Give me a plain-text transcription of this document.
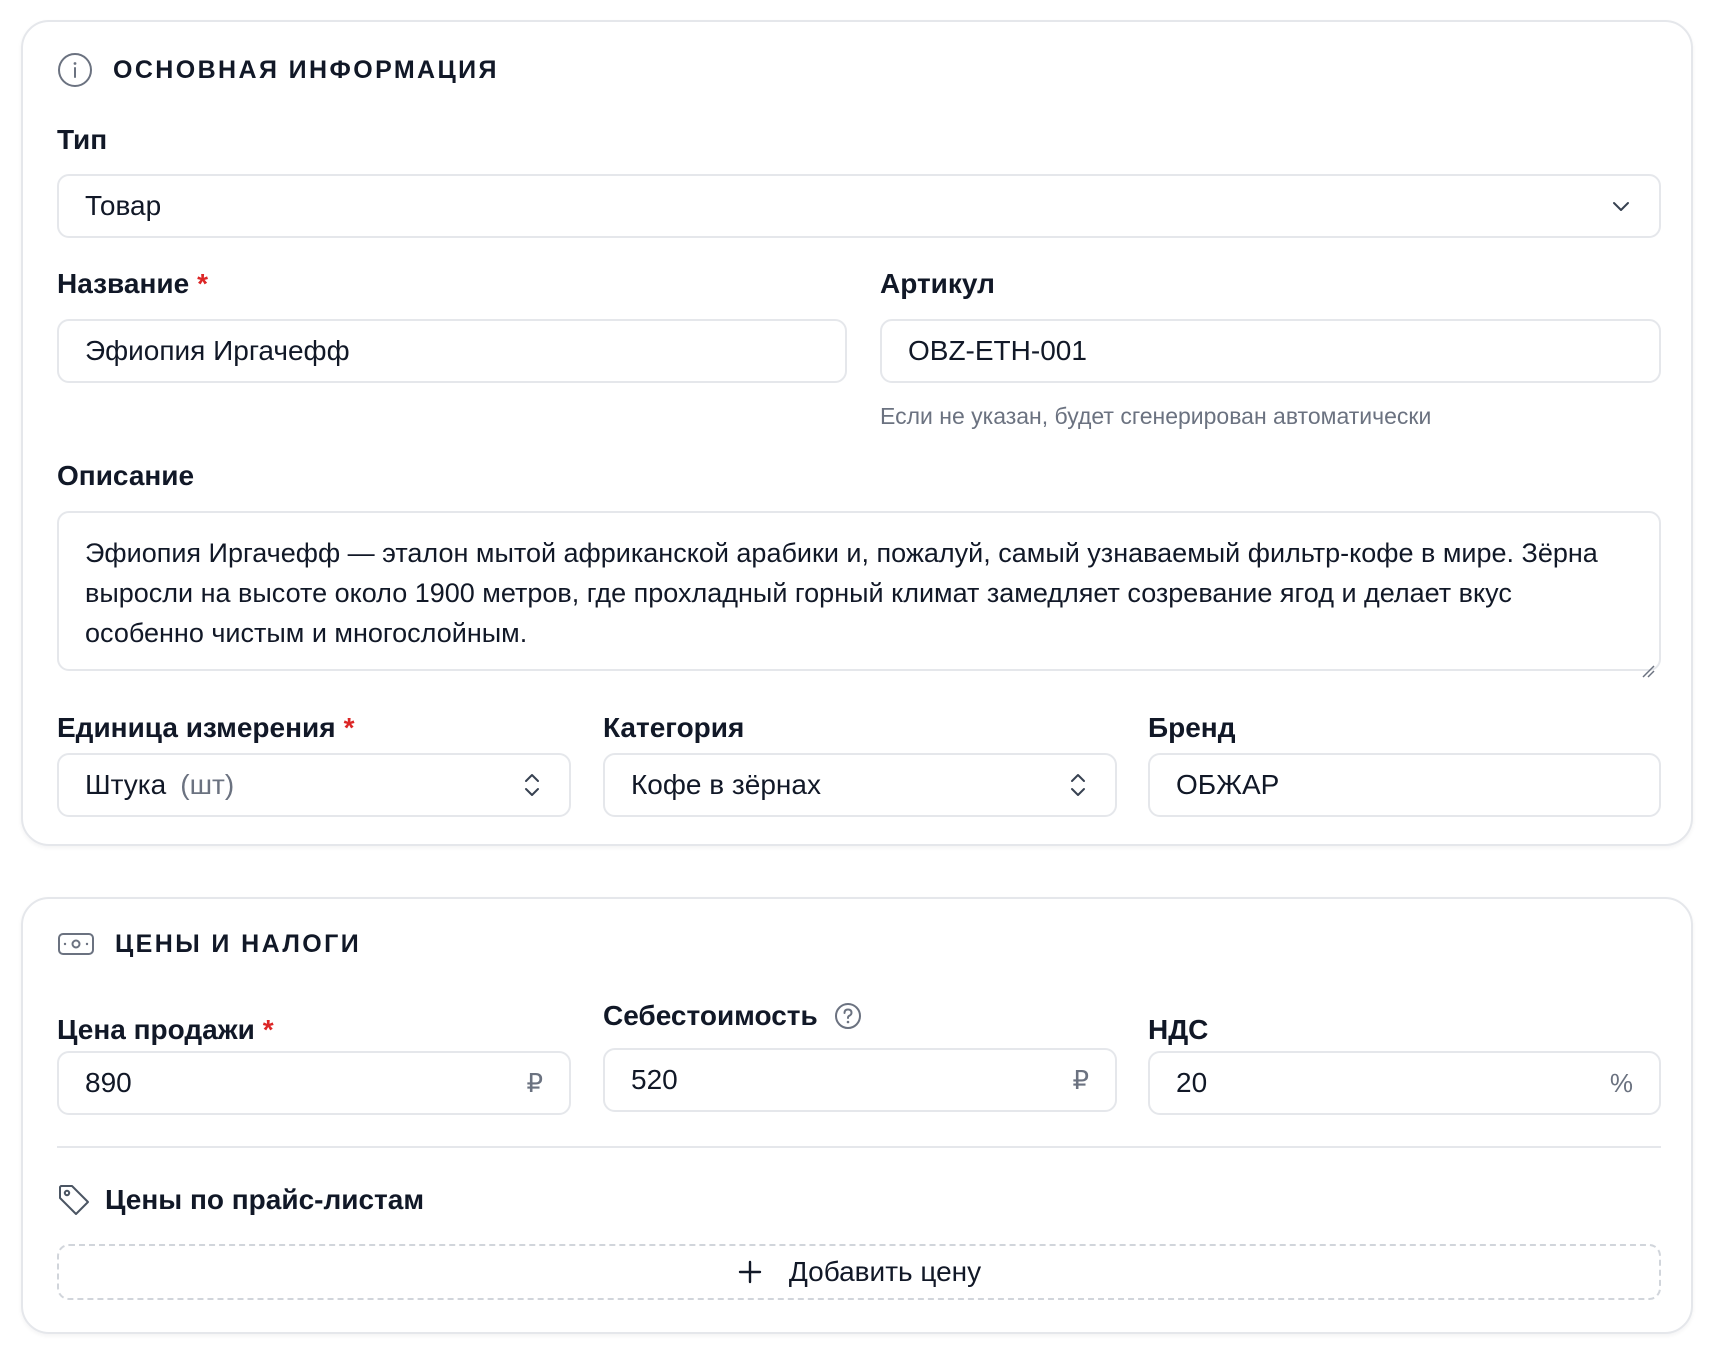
ОСНОВНАЯ ИНФОРМАЦИЯ
Тип
Товар
Название *
Эфиопия Иргачефф
Артикул
OBZ-ETH-001
Если не указан, будет сгенерирован автоматически
Описание
Эфиопия Иргачефф — эталон мытой африканской арабики и, пожалуй, самый узнаваемый фильтр-кофе в мире. Зёрна выросли на высоте около 1900 метров, где прохладный горный климат замедляет созревание ягод и делает вкус особенно чистым и многослойным.
Единица измерения *
Штука (шт)
Категория
Кофе в зёрнах
Бренд
ОБЖАР
ЦЕНЫ И НАЛОГИ
Цена продажи *
890	₽
Себестоимость
520	₽
НДС
20	%
Цены по прайс-листам
Добавить цену
